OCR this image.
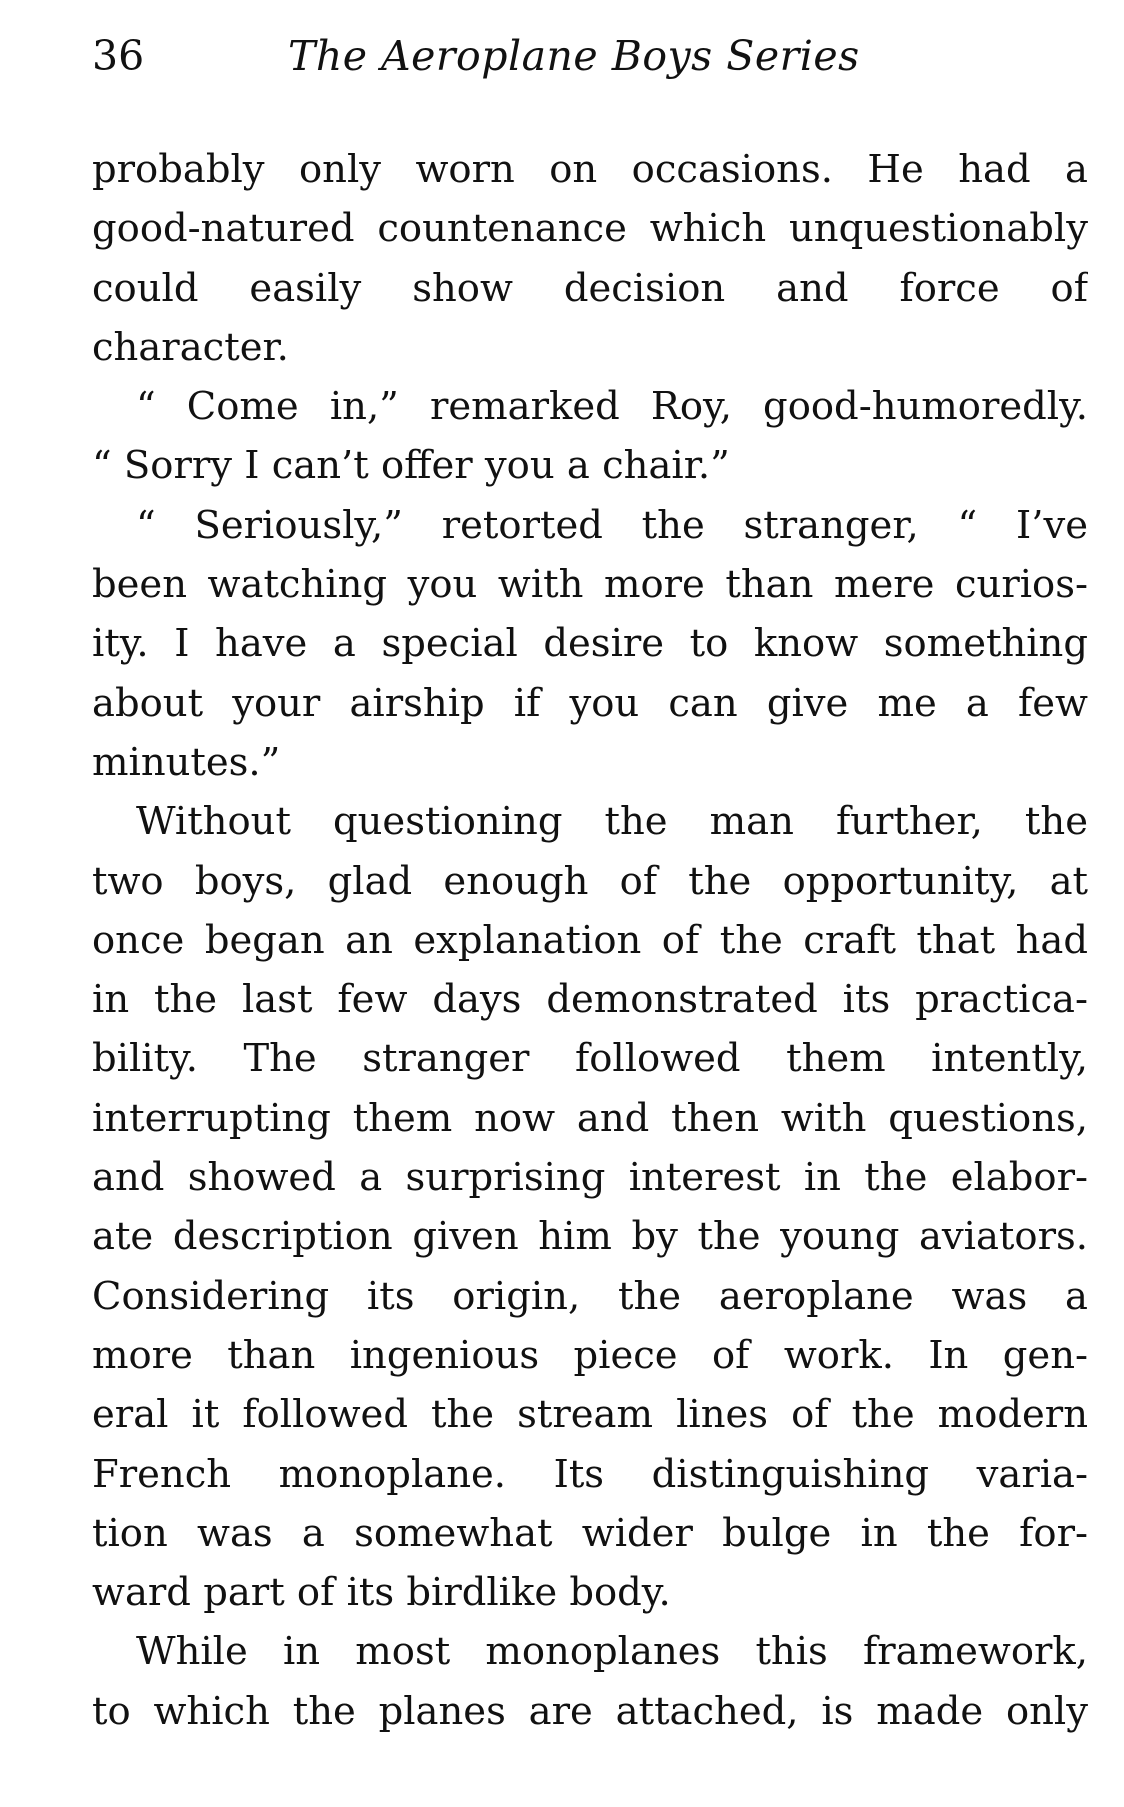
36	The Aeroplane Boys Series
probably only worn on occasions. He had a
good-natured countenance which unquestionably
could easily show decision and force of
character.
“ Come in,” remarked Roy, good-humoredly.
“ Sorry I can’t offer you a chair.”
“ Seriously,” retorted the stranger, “ I’ve
been watching you with more than mere curios-
ity. I have a special desire to know something
about your airship if you can give me a few
minutes.”
Without questioning the man further, the
two boys, glad enough of the opportunity, at
once began an explanation of the craft that had
in the last few days demonstrated its practica-
bility. The stranger followed them intently,
interrupting them now and then with questions,
and showed a surprising interest in the elabor-
ate description given him by the young aviators.
Considering its origin, the aeroplane was a
more than ingenious piece of work. In gen-
eral it followed the stream lines of the modern
French monoplane. Its distinguishing varia-
tion was a somewhat wider bulge in the for-
ward part of its birdlike body.
While in most monoplanes this framework,
to which the planes are attached, is made only
